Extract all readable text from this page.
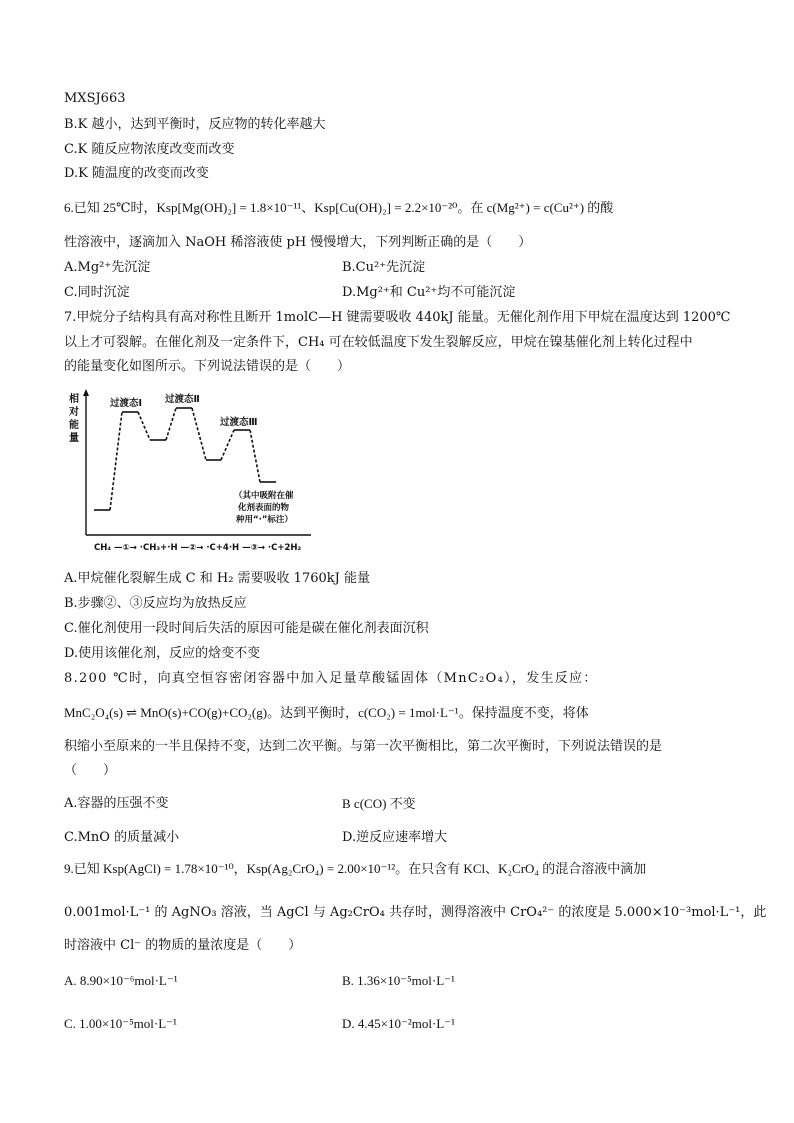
MXSJ663
B.K 越小，达到平衡时，反应物的转化率越大
C.K 随反应物浓度改变而改变
D.K 随温度的改变而改变
6.已知 25℃时，Ksp[Mg(OH)₂] = 1.8×10⁻¹¹、Ksp[Cu(OH)₂] = 2.2×10⁻²⁰。在 c(Mg²⁺) = c(Cu²⁺) 的酸
性溶液中，逐滴加入 NaOH 稀溶液使 pH 慢慢增大，下列判断正确的是（　　）
A.Mg²⁺先沉淀	B.Cu²⁺先沉淀
C.同时沉淀	D.Mg²⁺和 Cu²⁺均不可能沉淀
7.甲烷分子结构具有高对称性且断开 1molC—H 键需要吸收 440kJ 能量。无催化剂作用下甲烷在温度达到 1200℃
以上才可裂解。在催化剂及一定条件下，CH₄ 可在较低温度下发生裂解反应，甲烷在镍基催化剂上转化过程中
的能量变化如图所示。下列说法错误的是（　　）
相
对
能
量
过渡态Ⅰ 过渡态Ⅱ
过渡态Ⅲ
（其中吸附在催
化剂表面的物
种用“·”标注）
CH₄ —①→ ·CH₃+·H —②→ ·C+4·H —③→ ·C+2H₂
A.甲烷催化裂解生成 C 和 H₂ 需要吸收 1760kJ 能量
B.步骤②、③反应均为放热反应
C.催化剂使用一段时间后失活的原因可能是碳在催化剂表面沉积
D.使用该催化剂，反应的焓变不变
8.200 ℃时，向真空恒容密闭容器中加入足量草酸锰固体（MnC₂O₄），发生反应：
MnC₂O₄(s) ⇌ MnO(s)+CO(g)+CO₂(g)。达到平衡时，c(CO₂) = 1mol·L⁻¹。保持温度不变，将体
积缩小至原来的一半且保持不变，达到二次平衡。与第一次平衡相比，第二次平衡时，下列说法错误的是
（　　）
A.容器的压强不变	B c(CO) 不变
C.MnO 的质量减小	D.逆反应速率增大
9.已知 Ksp(AgCl) = 1.78×10⁻¹⁰，Ksp(Ag₂CrO₄) = 2.00×10⁻¹²。在只含有 KCl、K₂CrO₄ 的混合溶液中滴加
0.001mol·L⁻¹ 的 AgNO₃ 溶液，当 AgCl 与 Ag₂CrO₄ 共存时，测得溶液中 CrO₄²⁻ 的浓度是 5.000×10⁻³mol·L⁻¹，此
时溶液中 Cl⁻ 的物质的量浓度是（　　）
A. 8.90×10⁻⁶mol·L⁻¹	B. 1.36×10⁻⁵mol·L⁻¹
C. 1.00×10⁻⁵mol·L⁻¹	D. 4.45×10⁻²mol·L⁻¹
